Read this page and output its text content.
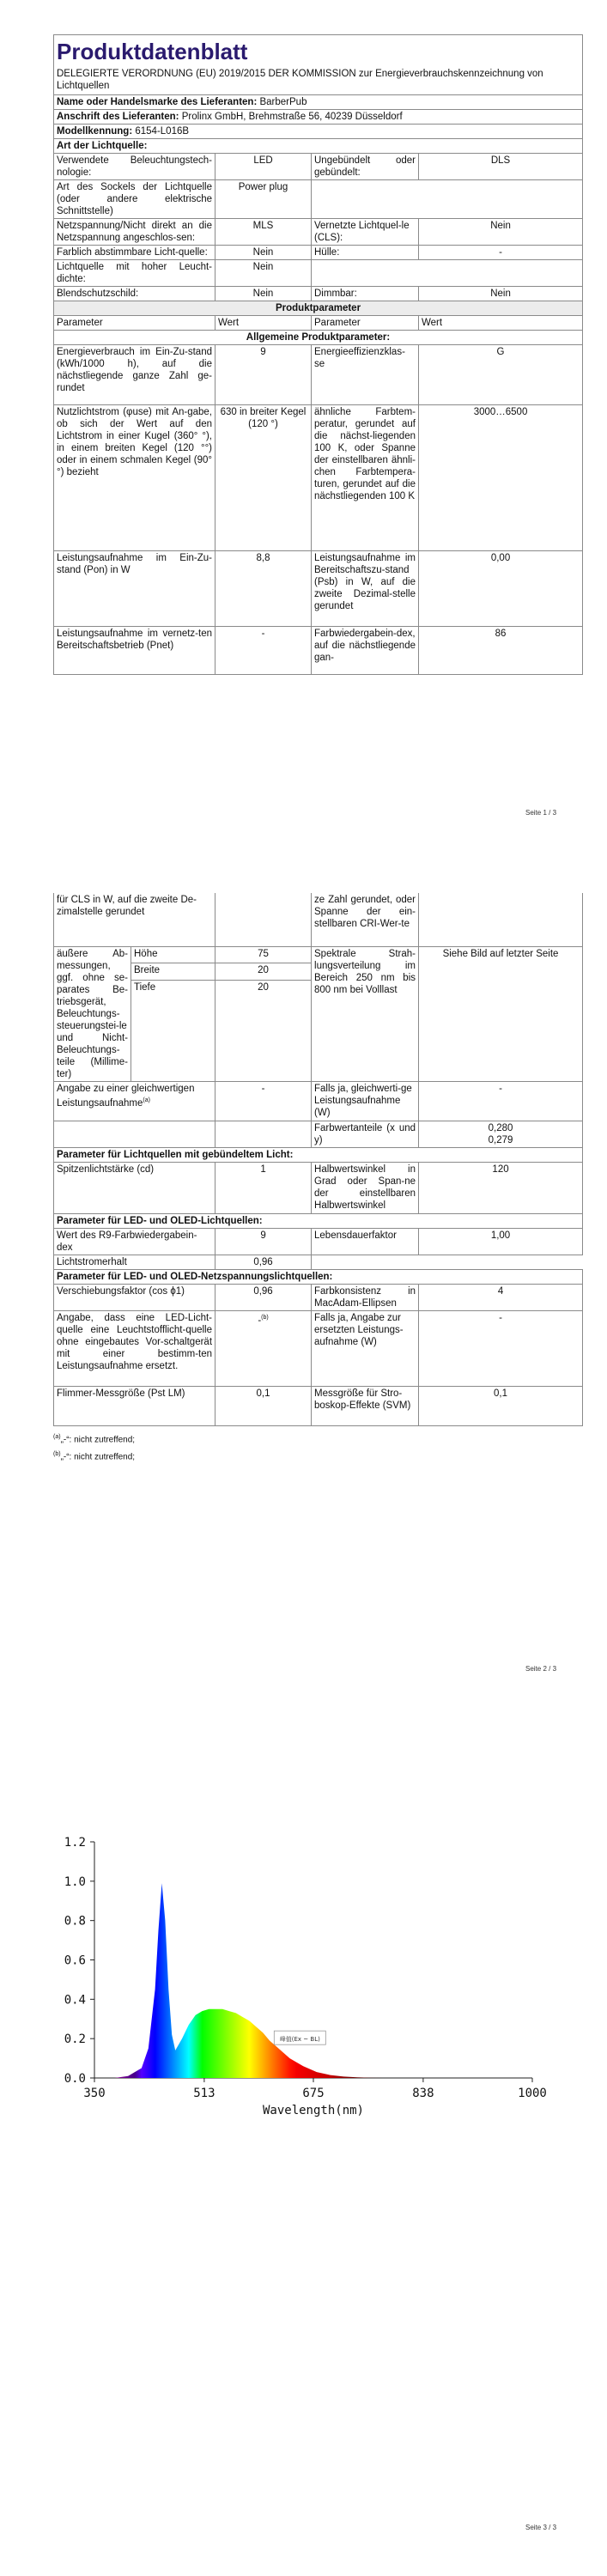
Produktdatenblatt
DELEGIERTE VERORDNUNG (EU) 2019/2015 DER KOMMISSION zur Energieverbrauchskennzeichnung von Lichtquellen			

Name oder Handelsmarke des Lieferanten: BarberPub			
Anschrift des Lieferanten: Prolinx GmbH, Brehmstraße 56, 40239 Düsseldorf			
Modellkennung: 6154-L016B			
Art der Lichtquelle:			
Verwendete Beleuchtungstech-nologie:	LED	Ungebündelt oder gebündelt:	DLS
Art des Sockels der Lichtquelle (oder andere elektrische Schnittstelle)	Power plug		
Netzspannung/Nicht direkt an die Netzspannung angeschlos-sen:	MLS	Vernetzte Lichtquel-le (CLS):	Nein
Farblich abstimmbare Licht-quelle:	Nein	Hülle:	-
Lichtquelle mit hoher Leucht-dichte:	Nein		
Blendschutzschild:	Nein	Dimmbar:	Nein
Produktparameter			
Parameter	Wert	Parameter	Wert
Allgemeine Produktparameter:			
Energieverbrauch im Ein-Zu-stand (kWh/1000 h), auf die nächstliegende ganze Zahl ge-rundet	9	Energieeffizienzklas-se	G
Nutzlichtstrom (φuse) mit An-gabe, ob sich der Wert auf den Lichtstrom in einer Kugel (360° °), in einem breiten Kegel (120 °°) oder in einem schmalen Kegel (90° °) bezieht	630 in breiter Kegel (120 °)	ähnliche Farbtem-peratur, gerundet auf die nächst-liegenden 100 K, oder Spanne der einstellbaren ähnli-chen Farbtempera-turen, gerundet auf die nächstliegenden 100 K	3000…6500
Leistungsaufnahme im Ein-Zu-stand (Pon) in W	8,8	Leistungsaufnahme im Bereitschaftszu-stand (Psb) in W, auf die zweite Dezimal-stelle gerundet	0,00
Leistungsaufnahme im vernetz-ten Bereitschaftsbetrieb (Pnet)	-	Farbwiedergabein-dex, auf die nächstliegende gan-	86
Seite 1 / 3
für CLS in W, auf die zweite De-zimalstelle gerundet			ze Zahl gerundet, oder Spanne der ein-stellbaren CRI-Wer-te	
äußere Ab-messungen, ggf. ohne se-parates Be-triebsgerät, Beleuchtungs-steuerungstei-le und Nicht-Beleuchtungs-teile (Millime-ter)	Höhe	75	Spektrale Strah-lungsverteilung im Bereich 250 nm bis 800 nm bei Volllast	Siehe Bild auf letzter Seite
	Breite	20		
	Tiefe	20		
Angabe zu einer gleichwertigen Leistungsaufnahme$^{(a)}$		-	Falls ja, gleichwerti-ge Leistungsaufnahme (W)	-
			Farbwertanteile (x und y)	0,280
0,279

Parameter für Lichtquellen mit gebündeltem Licht:				
Spitzenlichtstärke (cd)		1	Halbwertswinkel in Grad oder Span-ne der einstellbaren Halbwertswinkel	120
Parameter für LED- und OLED-Lichtquellen:				
Wert des R9-Farbwiedergabein-dex		9	Lebensdauerfaktor	1,00
Lichtstromerhalt		0,96		
Parameter für LED- und OLED-Netzspannungslichtquellen:				
Verschiebungsfaktor (cos ϕ1)		0,96	Farbkonsistenz in MacAdam-Ellipsen	4
Angabe, dass eine LED-Licht-quelle eine Leuchtstofflicht-quelle ohne eingebautes Vor-schaltgerät mit einer bestimm-ten Leistungsaufnahme ersetzt.		-$^{(b)}$	Falls ja, Angabe zur ersetzten Leistungs-aufnahme (W)	-
Flimmer-Messgröße (Pst LM)		0,1	Messgröße für Stro-boskop-Effekte (SVM)	0,1
$^{(a)}$„-“: nicht zutreffend;
$^{(b)}$„-“: nicht zutreffend;
Seite 2 / 3
0.0
0.2
0.4
0.6
0.8
1.0
1.2
350	513	675	838	1000
峰值(Ex ~ BL)
Wavelength(nm)
Seite 3 / 3
